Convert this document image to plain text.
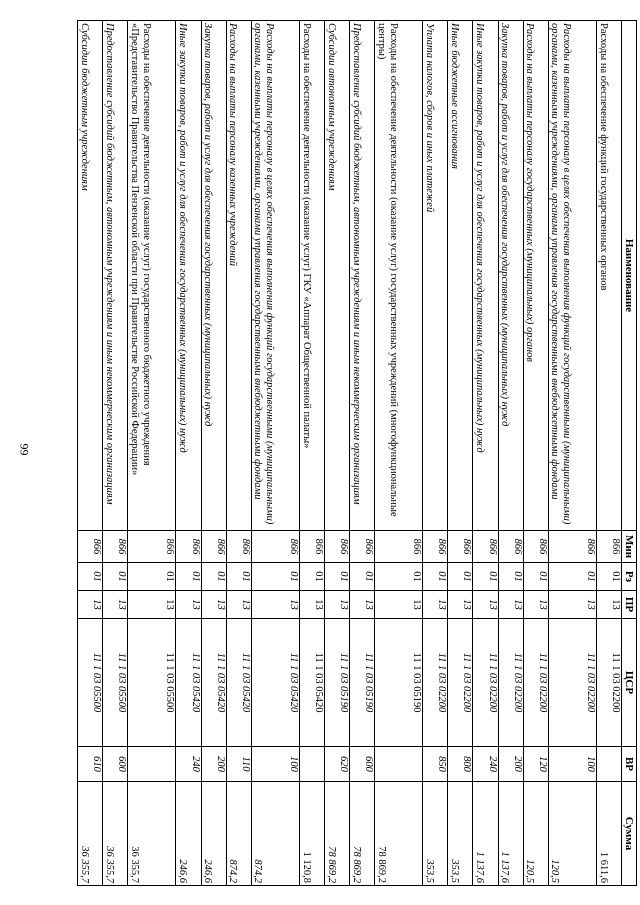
99
Наименование	Мин	Рз	ПР	ЦСР	ВР	Сумма
Расходы на обеспечение функций государственных органов	866	01	13	11 1 03 02200		1 611,6
Расходы на выплаты персоналу в целях обеспечения выполнения функций государственными (муниципальными) органами, казенными учреждениями, органами управления государственными внебюджетными фондами	866	01	13	11 1 03 02200	100	120,5
Расходы на выплаты персоналу государственных (муниципальных) органов	866	01	13	11 1 03 02200	120	120,5
Закупка товаров, работ и услуг для обеспечения государственных (муниципальных) нужд	866	01	13	11 1 03 02200	200	1 137,6
Иные закупки товаров, работ и услуг для обеспечения государственных (муниципальных) нужд	866	01	13	11 1 03 02200	240	1 137,6
Иные бюджетные ассигнования	866	01	13	11 1 03 02200	800	353,5
Уплата налогов, сборов и иных платежей	866	01	13	11 1 03 02200	850	353,5
Расходы на обеспечение деятельности (оказание услуг) государственных учреждений (многофункциональные центры)	866	01	13	11 1 03 05190		78 869,2
Предоставление субсидий бюджетным, автономным учреждениям и иным некоммерческим организациям	866	01	13	11 1 03 05190	600	78 869,2
Субсидии автономным учреждениям	866	01	13	11 1 03 05190	620	78 869,2
Расходы на обеспечение деятельности (оказание услуг) ГКУ «Аппарат Общественной палаты»	866	01	13	11 1 03 05420		1 120,8
Расходы на выплаты персоналу в целях обеспечения выполнения функций государственными (муниципальными) органами, казенными учреждениями, органами управления государственными внебюджетными фондами	866	01	13	11 1 03 05420	100	874,2
Расходы на выплаты персоналу казенных учреждений	866	01	13	11 1 03 05420	110	874,2
Закупка товаров, работ и услуг для обеспечения государственных (муниципальных) нужд	866	01	13	11 1 03 05420	200	246,6
Иные закупки товаров, работ и услуг для обеспечения государственных (муниципальных) нужд	866	01	13	11 1 03 05420	240	246,6
Расходы на обеспечение деятельности (оказание услуг) государственного бюджетного учреждения «Представительство Правительства Пензенской области при Правительстве Российской Федерации»	866	01	13	11 1 03 05500		36 355,7
Предоставление субсидий бюджетным, автономным учреждениям и иным некоммерческим организациям	866	01	13	11 1 03 05500	600	36 355,7
Субсидии бюджетным учреждениям	866	01	13	11 1 03 05500	610	36 355,7
